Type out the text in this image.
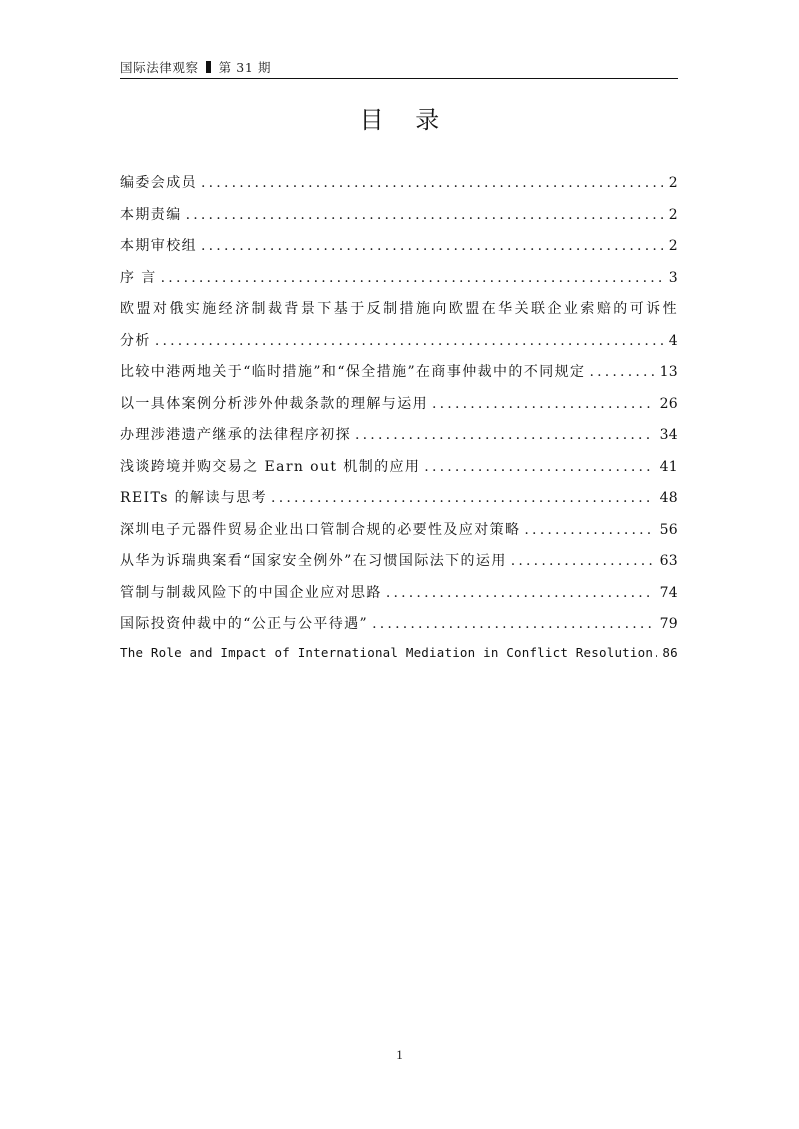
国际法律观察 第 31 期
目 录
编委会成员 .....	2
本期责编 .....	2
本期审校组 .....	2
序 言 .....	3
欧盟对俄实施经济制裁背景下基于反制措施向欧盟在华关联企业索赔的可诉性
分析 .....	4
比较中港两地关于“临时措施”和“保全措施”在商事仲裁中的不同规定 .....	13
以一具体案例分析涉外仲裁条款的理解与运用 .....	26
办理涉港遗产继承的法律程序初探 .....	34
浅谈跨境并购交易之 Earn out 机制的应用 .....	41
REITs 的解读与思考 .....	48
深圳电子元器件贸易企业出口管制合规的必要性及应对策略 .....	56
从华为诉瑞典案看“国家安全例外”在习惯国际法下的运用 .....	63
管制与制裁风险下的中国企业应对思路 .....	74
国际投资仲裁中的“公正与公平待遇” .....	79
The Role and Impact of International Mediation in Conflict Resolution ..... 86
1
